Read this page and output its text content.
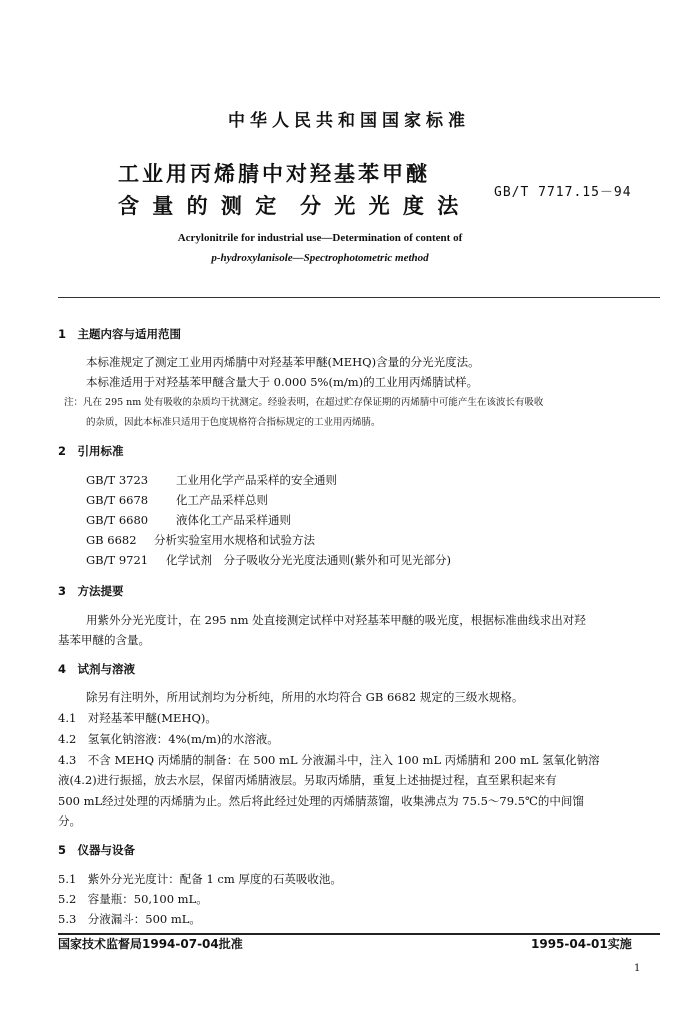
中华人民共和国国家标准
工业用丙烯腈中对羟基苯甲醚
含 量 的 测 定 分 光 光 度 法
GB/T 7717.15－94
Acrylonitrile for industrial use—Determination of content of
p-hydroxylanisole—Spectrophotometric method
1　主题内容与适用范围
本标准规定了测定工业用丙烯腈中对羟基苯甲醚(MEHQ)含量的分光光度法。
本标准适用于对羟基苯甲醚含量大于 0.000 5%(m/m)的工业用丙烯腈试样。
注：凡在 295 nm 处有吸收的杂质均干扰测定。经验表明，在超过贮存保证期的丙烯腈中可能产生在该波长有吸收
的杂质，因此本标准只适用于色度规格符合指标规定的工业用丙烯腈。
2　引用标准
GB/T 3723 工业用化学产品采样的安全通则
GB/T 6678 化工产品采样总则
GB/T 6680 液体化工产品采样通则
GB 6682 分析实验室用水规格和试验方法
GB/T 9721 化学试剂　分子吸收分光光度法通则(紫外和可见光部分)
3　方法提要
用紫外分光光度计，在 295 nm 处直接测定试样中对羟基苯甲醚的吸光度，根据标准曲线求出对羟
基苯甲醚的含量。
4　试剂与溶液
除另有注明外，所用试剂均为分析纯，所用的水均符合 GB 6682 规定的三级水规格。
4.1　对羟基苯甲醚(MEHQ)。
4.2　氢氧化钠溶液：4%(m/m)的水溶液。
4.3　不含 MEHQ 丙烯腈的制备：在 500 mL 分液漏斗中，注入 100 mL 丙烯腈和 200 mL 氢氧化钠溶
液(4.2)进行振摇，放去水层，保留丙烯腈液层。另取丙烯腈，重复上述抽提过程，直至累积起来有
500 mL经过处理的丙烯腈为止。然后将此经过处理的丙烯腈蒸馏，收集沸点为 75.5～79.5℃的中间馏
分。
5　仪器与设备
5.1　紫外分光光度计：配备 1 cm 厚度的石英吸收池。
5.2　容量瓶：50,100 mL。
5.3　分液漏斗：500 mL。
国家技术监督局1994-07-04批准	1995-04-01实施
1
